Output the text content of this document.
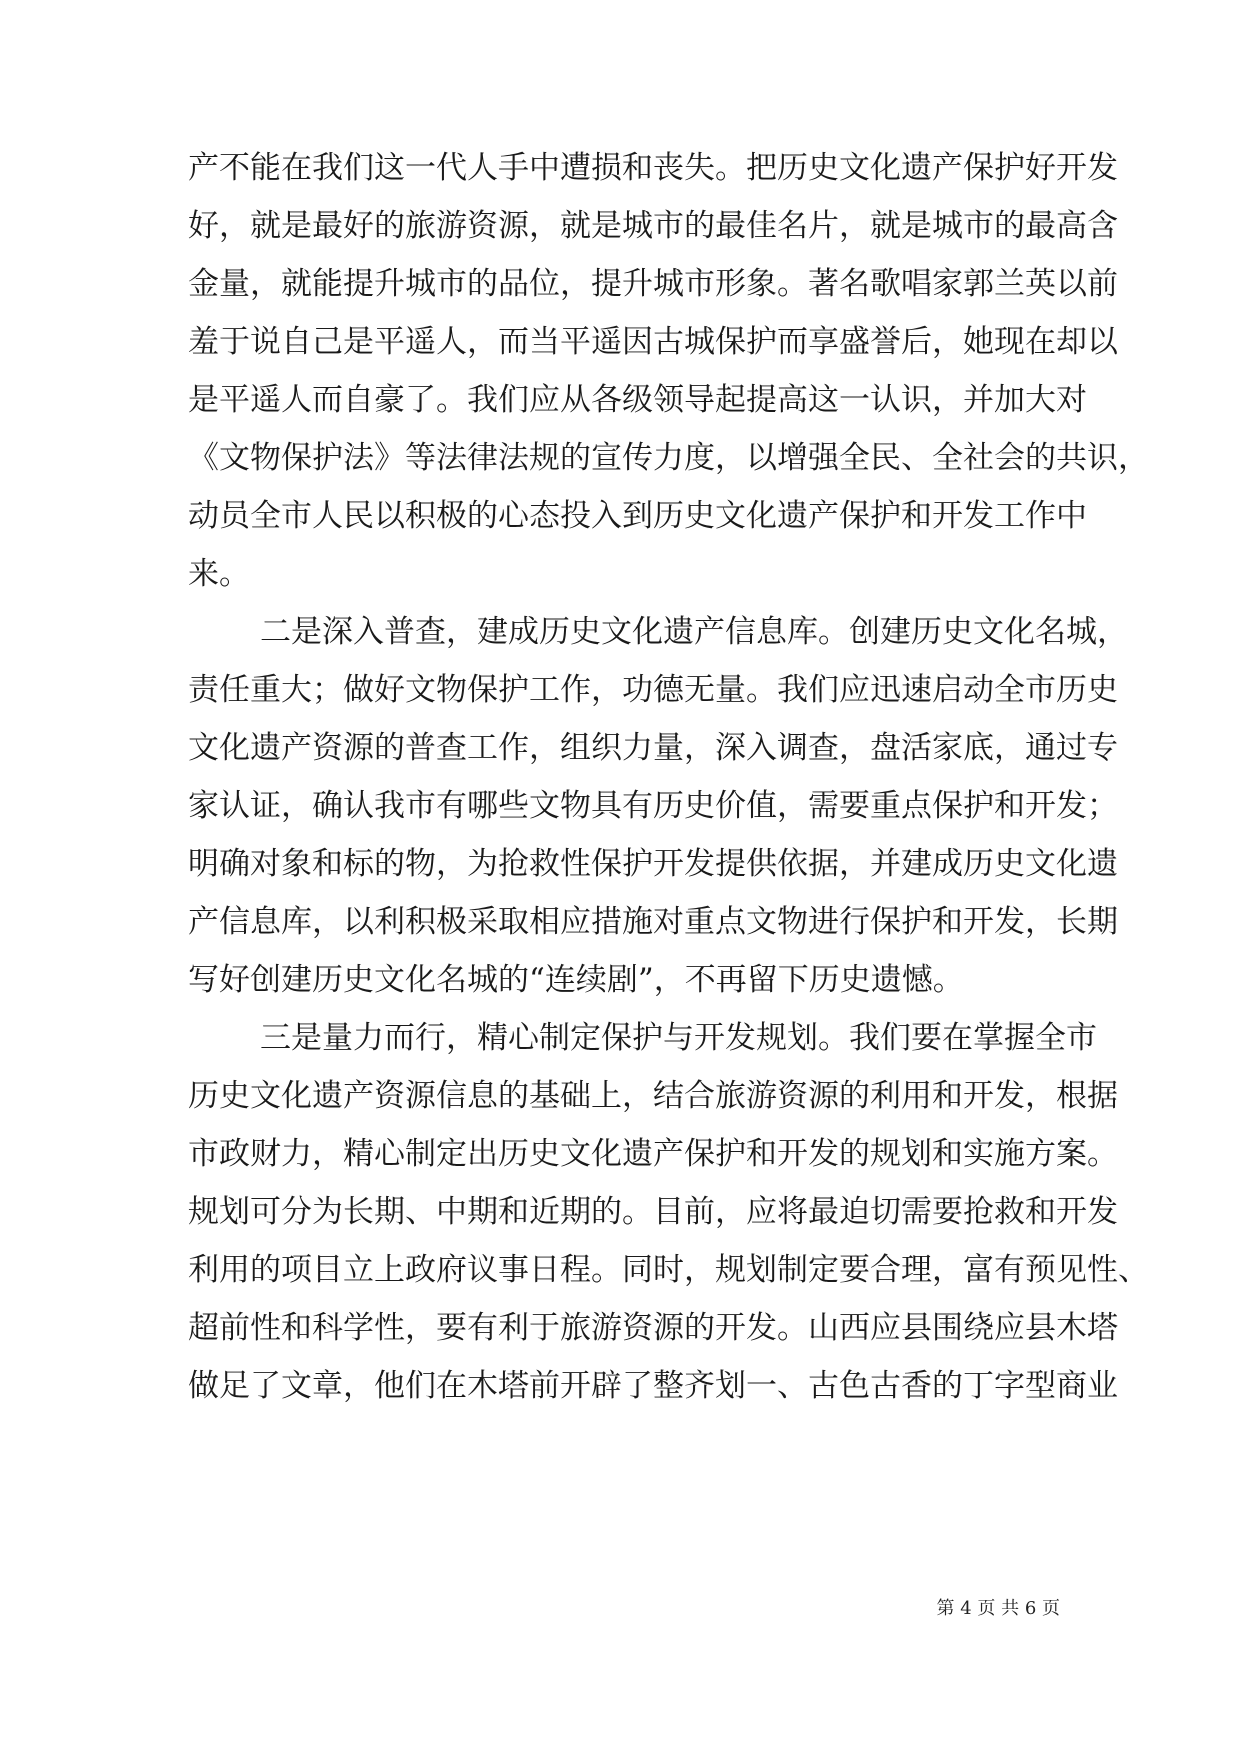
产不能在我们这一代人手中遭损和丧失。把历史文化遗产保护好开发
好，就是最好的旅游资源，就是城市的最佳名片，就是城市的最高含
金量，就能提升城市的品位，提升城市形象。著名歌唱家郭兰英以前
羞于说自己是平遥人，而当平遥因古城保护而享盛誉后，她现在却以
是平遥人而自豪了。我们应从各级领导起提高这一认识，并加大对
《文物保护法》等法律法规的宣传力度，以增强全民、全社会的共识，
动员全市人民以积极的心态投入到历史文化遗产保护和开发工作中
来。
二是深入普查，建成历史文化遗产信息库。创建历史文化名城，
责任重大；做好文物保护工作，功德无量。我们应迅速启动全市历史
文化遗产资源的普查工作，组织力量，深入调查，盘活家底，通过专
家认证，确认我市有哪些文物具有历史价值，需要重点保护和开发；
明确对象和标的物，为抢救性保护开发提供依据，并建成历史文化遗
产信息库，以利积极采取相应措施对重点文物进行保护和开发，长期
写好创建历史文化名城的“连续剧”，不再留下历史遗憾。
三是量力而行，精心制定保护与开发规划。我们要在掌握全市
历史文化遗产资源信息的基础上，结合旅游资源的利用和开发，根据
市政财力，精心制定出历史文化遗产保护和开发的规划和实施方案。
规划可分为长期、中期和近期的。目前，应将最迫切需要抢救和开发
利用的项目立上政府议事日程。同时，规划制定要合理，富有预见性、
超前性和科学性，要有利于旅游资源的开发。山西应县围绕应县木塔
做足了文章，他们在木塔前开辟了整齐划一、古色古香的丁字型商业
第 4 页 共 6 页
